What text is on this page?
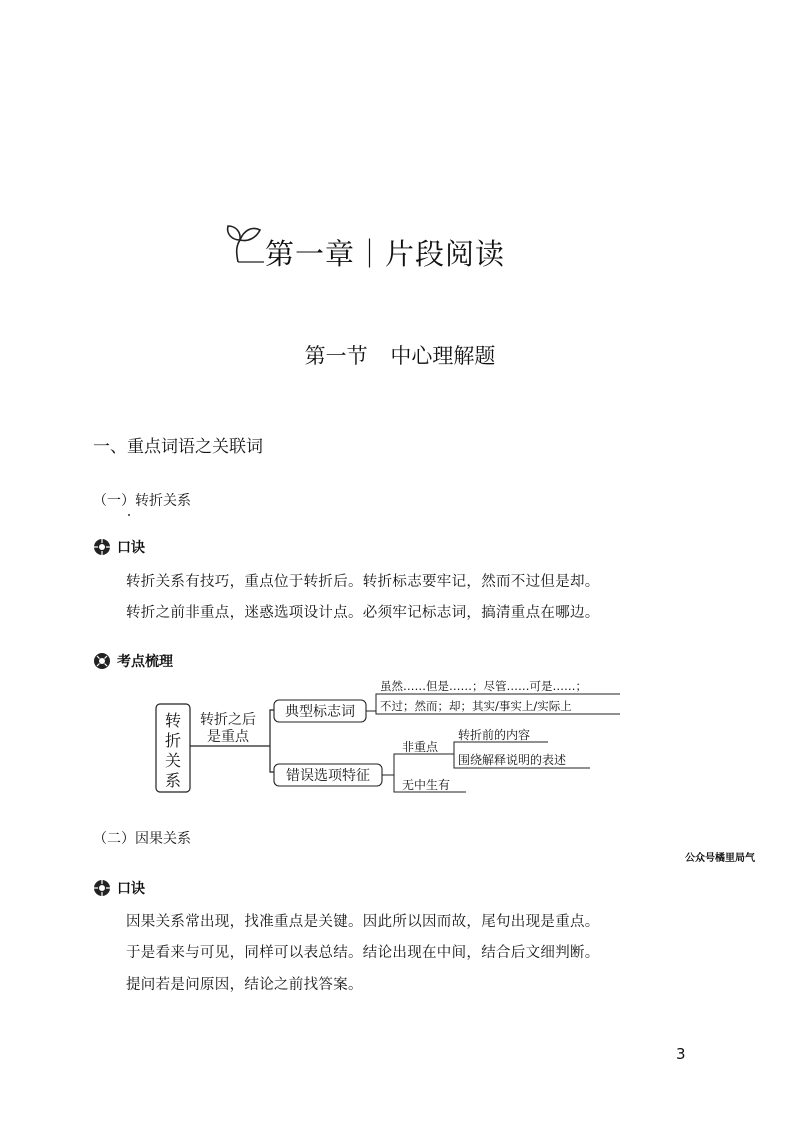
第一章｜片段阅读
第一节 中心理解题
一、重点词语之关联词
（一）转折关系
口诀
转折关系有技巧，重点位于转折后。转折标志要牢记，然而不过但是却。
转折之前非重点，迷惑选项设计点。必须牢记标志词，搞清重点在哪边。
考点梳理
转
折
关
系
转折之后
是重点
典型标志词
虽然……但是……；尽管……可是……；
不过；然而；却；其实/事实上/实际上
错误选项特征
非重点
转折前的内容
围绕解释说明的表述
无中生有
（二）因果关系
公众号橘里局气
口诀
因果关系常出现，找准重点是关键。因此所以因而故，尾句出现是重点。
于是看来与可见，同样可以表总结。结论出现在中间，结合后文细判断。
提问若是问原因，结论之前找答案。
3
